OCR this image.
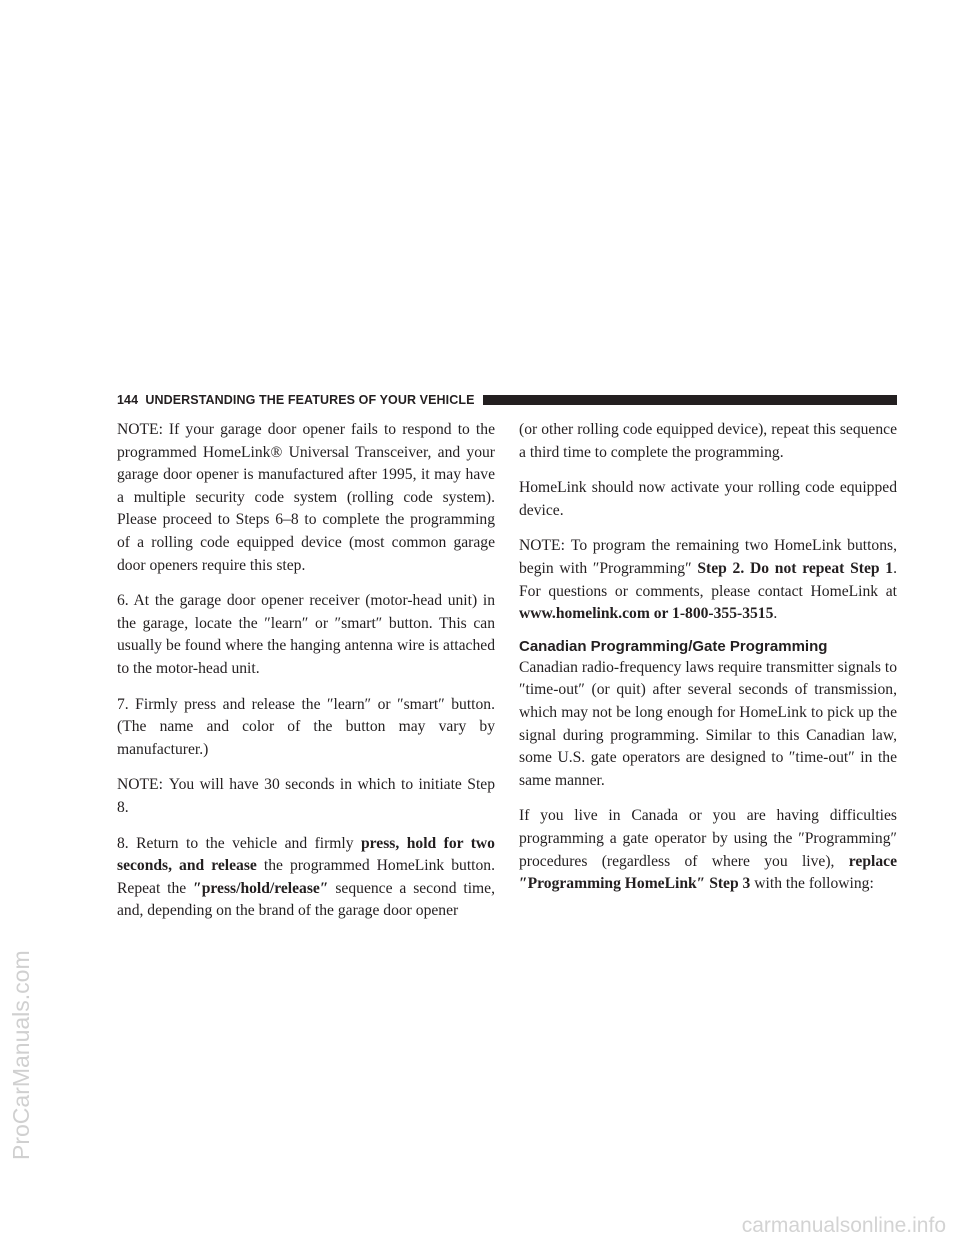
144 UNDERSTANDING THE FEATURES OF YOUR VEHICLE

NOTE: If your garage door opener fails to respond to the programmed HomeLink® Universal Transceiver, and your garage door opener is manufactured after 1995, it may have a multiple security code system (rolling code system). Please proceed to Steps 6–8 to complete the programming of a rolling code equipped device (most common garage door openers require this step.

6. At the garage door opener receiver (motor-head unit) in the garage, locate the ″learn″ or ″smart″ button. This can usually be found where the hanging antenna wire is attached to the motor-head unit.

7. Firmly press and release the ″learn″ or ″smart″ button. (The name and color of the button may vary by manufacturer.)

NOTE: You will have 30 seconds in which to initiate Step 8.

8. Return to the vehicle and firmly press, hold for two seconds, and release the programmed HomeLink button. Repeat the ″press/hold/release″ sequence a second time, and, depending on the brand of the garage door opener

(or other rolling code equipped device), repeat this sequence a third time to complete the programming.

HomeLink should now activate your rolling code equipped device.

NOTE: To program the remaining two HomeLink buttons, begin with ″Programming″ Step 2. Do not repeat Step 1. For questions or comments, please contact HomeLink at www.homelink.com or 1-800-355-3515.

Canadian Programming/Gate Programming

Canadian radio-frequency laws require transmitter signals to ″time-out″ (or quit) after several seconds of transmission, which may not be long enough for HomeLink to pick up the signal during programming. Similar to this Canadian law, some U.S. gate operators are designed to ″time-out″ in the same manner.

If you live in Canada or you are having difficulties programming a gate operator by using the ″Programming″ procedures (regardless of where you live), replace ″Programming HomeLink″ Step 3 with the following:

ProCarManuals.com
carmanualsonline.info
